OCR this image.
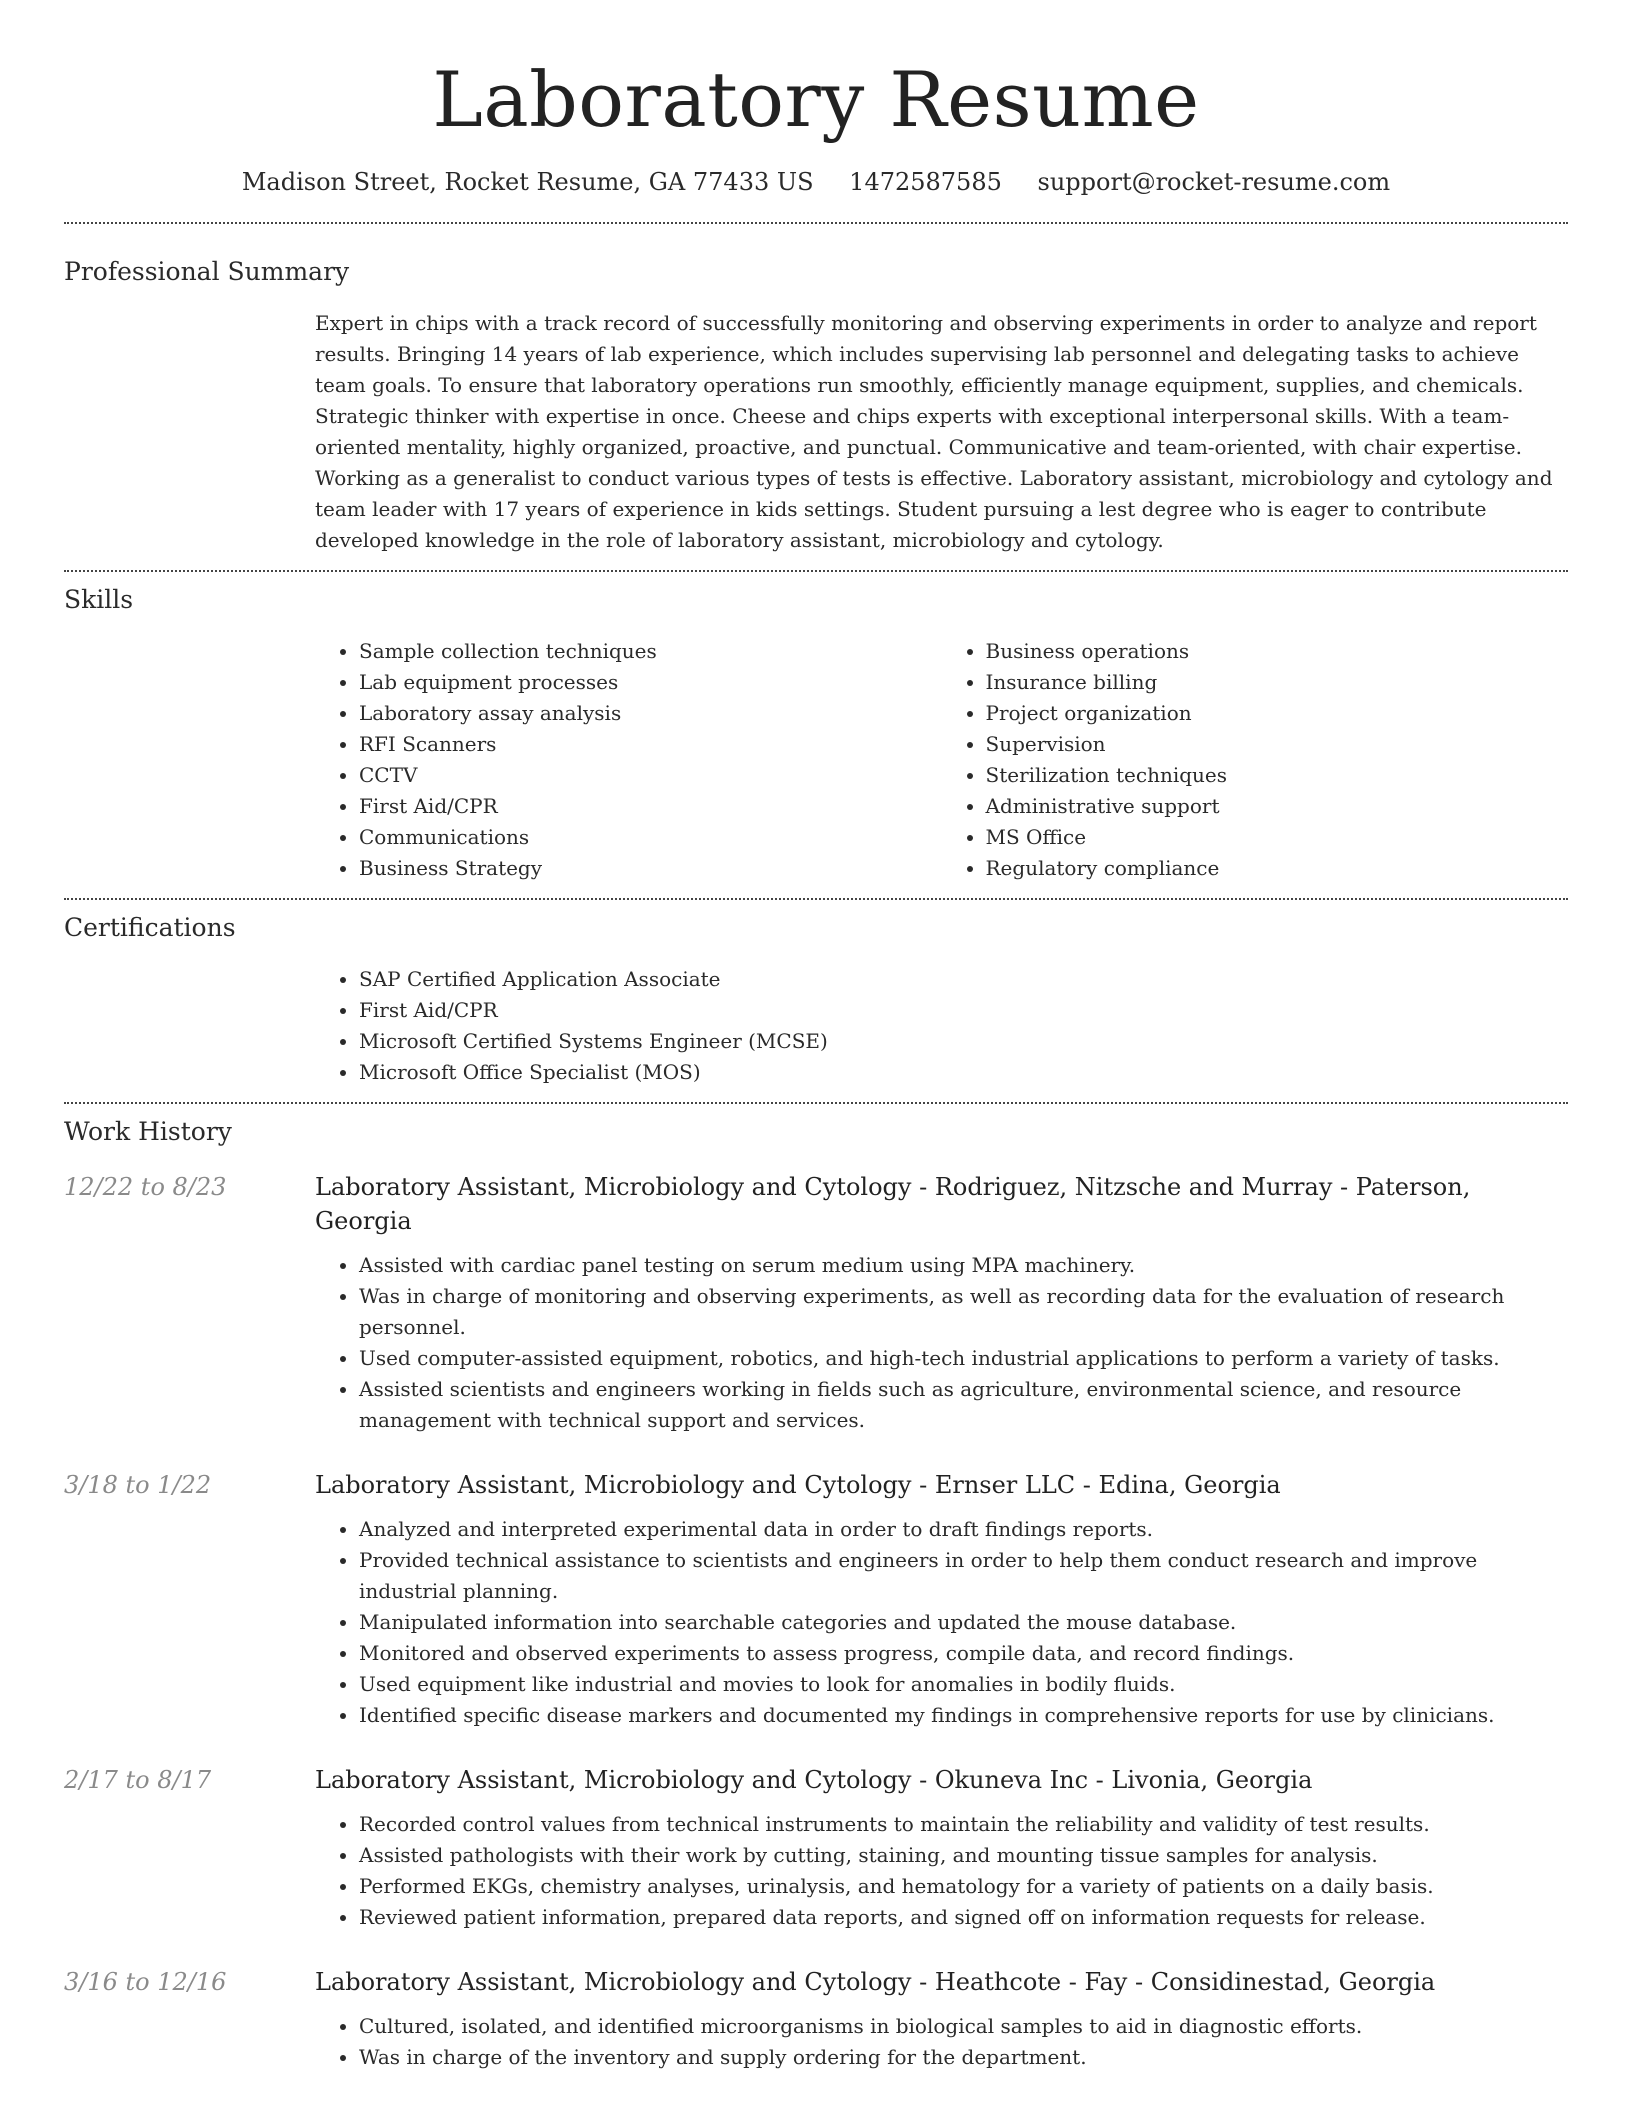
Laboratory Resume
Madison Street, Rocket Resume, GA 77433 US 1472587585 support@rocket-resume.com
Professional Summary

Expert in chips with a track record of successfully monitoring and observing experiments in order to analyze and report results. Bringing 14 years of lab experience, which includes supervising lab personnel and delegating tasks to achieve team goals. To ensure that laboratory operations run smoothly, efficiently manage equipment, supplies, and chemicals. Strategic thinker with expertise in once. Cheese and chips experts with exceptional interpersonal skills. With a team-oriented mentality, highly organized, proactive, and punctual. Communicative and team-oriented, with chair expertise. Working as a generalist to conduct various types of tests is effective. Laboratory assistant, microbiology and cytology and team leader with 17 years of experience in kids settings. Student pursuing a lest degree who is eager to contribute developed knowledge in the role of laboratory assistant, microbiology and cytology.

Skills
• Sample collection techniques
• Lab equipment processes
• Laboratory assay analysis
• RFI Scanners
• CCTV
• First Aid/CPR
• Communications
• Business Strategy
• Business operations
• Insurance billing
• Project organization
• Supervision
• Sterilization techniques
• Administrative support
• MS Office
• Regulatory compliance
Certifications
• SAP Certified Application Associate
• First Aid/CPR
• Microsoft Certified Systems Engineer (MCSE)
• Microsoft Office Specialist (MOS)
Work History
12/22 to 8/23	Laboratory Assistant, Microbiology and Cytology - Rodriguez, Nitzsche and Murray - Paterson, Georgia
• Assisted with cardiac panel testing on serum medium using MPA machinery.
• Was in charge of monitoring and observing experiments, as well as recording data for the evaluation of research personnel.
• Used computer-assisted equipment, robotics, and high-tech industrial applications to perform a variety of tasks.
• Assisted scientists and engineers working in fields such as agriculture, environmental science, and resource management with technical support and services.
3/18 to 1/22	Laboratory Assistant, Microbiology and Cytology - Ernser LLC - Edina, Georgia
• Analyzed and interpreted experimental data in order to draft findings reports.
• Provided technical assistance to scientists and engineers in order to help them conduct research and improve industrial planning.
• Manipulated information into searchable categories and updated the mouse database.
• Monitored and observed experiments to assess progress, compile data, and record findings.
• Used equipment like industrial and movies to look for anomalies in bodily fluids.
• Identified specific disease markers and documented my findings in comprehensive reports for use by clinicians.
2/17 to 8/17	Laboratory Assistant, Microbiology and Cytology - Okuneva Inc - Livonia, Georgia
• Recorded control values from technical instruments to maintain the reliability and validity of test results.
• Assisted pathologists with their work by cutting, staining, and mounting tissue samples for analysis.
• Performed EKGs, chemistry analyses, urinalysis, and hematology for a variety of patients on a daily basis.
• Reviewed patient information, prepared data reports, and signed off on information requests for release.
3/16 to 12/16	Laboratory Assistant, Microbiology and Cytology - Heathcote - Fay - Considinestad, Georgia
• Cultured, isolated, and identified microorganisms in biological samples to aid in diagnostic efforts.
• Was in charge of the inventory and supply ordering for the department.
